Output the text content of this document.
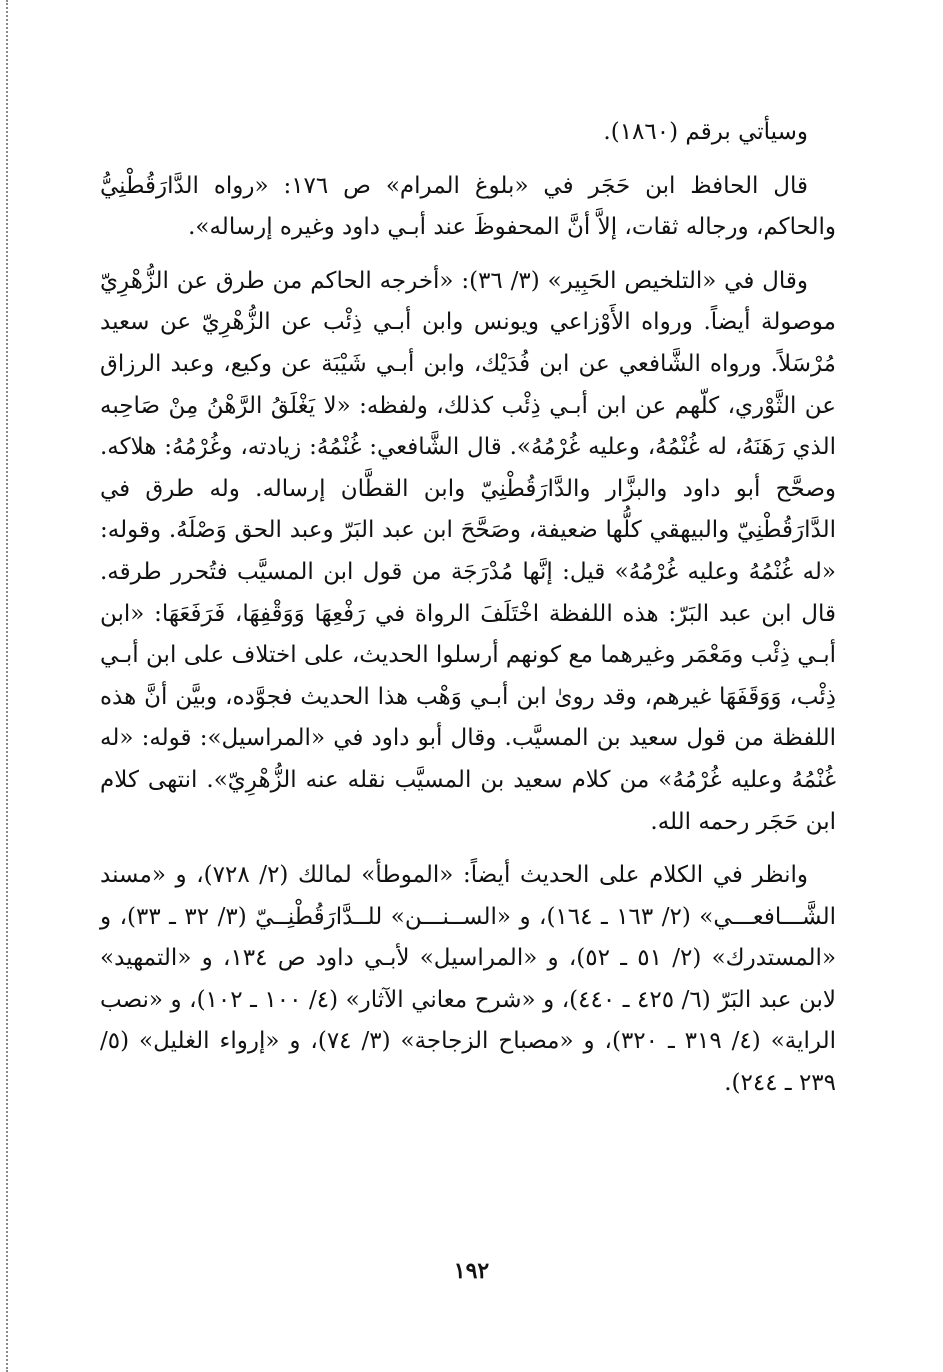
وسيأتي برقم (١٨٦٠).

قال الحافظ ابن حَجَر في «بلوغ المرام» ص ١٧٦: «رواه الدَّارَقُطْنِيُّ والحاكم، ورجاله ثقات، إلاَّ أنَّ المحفوظَ عند أبـي داود وغيره إرساله».

وقال في «التلخيص الحَبِير» (٣/ ٣٦): «أخرجه الحاكم من طرق عن الزُّهْرِيّ موصولة أيضاً. ورواه الأَوْزاعي ويونس وابن أبـي ذِئْب عن الزُّهْرِيّ عن سعيد مُرْسَلاً. ورواه الشَّافعي عن ابن فُدَيْك، وابن أبـي شَيْبَة عن وكيع، وعبد الرزاق عن الثَّوْري، كلّهم عن ابن أبـي ذِئْب كذلك، ولفظه: «لا يَغْلَقُ الرَّهْنُ مِنْ صَاحِبه الذي رَهَنَهُ، له غُنْمُهُ، وعليه غُرْمُهُ». قال الشَّافعي: غُنْمُهُ: زيادته، وغُرْمُهُ: هلاكه. وصحَّح أبو داود والبزَّار والدَّارَقُطْنِيّ وابن القطَّان إرساله. وله طرق في الدَّارَقُطْنِيّ والبيهقي كلُّها ضعيفة، وصَحَّحَ ابن عبد البَرّ وعبد الحق وَصْلَهُ. وقوله: «له غُنْمُهُ وعليه غُرْمُهُ» قيل: إنَّها مُدْرَجَة من قول ابن المسيَّب فتُحرر طرقه. قال ابن عبد البَرّ: هذه اللفظة اخْتَلَفَ الرواة في رَفْعِهَا وَوَقْفِهَا، فَرَفَعَهَا: «ابن أبـي ذِئْب ومَعْمَر وغيرهما مع كونهم أرسلوا الحديث، على اختلاف على ابن أبـي ذِئْب، وَوَقَفَهَا غيرهم، وقد روىٰ ابن أبـي وَهْب هذا الحديث فجوَّده، وبيَّن أنَّ هذه اللفظة من قول سعيد بن المسيَّب. وقال أبو داود في «المراسيل»: قوله: «له غُنْمُهُ وعليه غُرْمُهُ» من كلام سعيد بن المسيَّب نقله عنه الزُّهْرِيّ». انتهى كلام ابن حَجَر رحمه الله.

وانظر في الكلام على الحديث أيضاً: «الموطأ» لمالك (٢/ ٧٢٨)، و «مسند الشَّـــافعـــي» (٢/ ١٦٣ ـ ١٦٤)، و «الســنـــن» للــدَّارَقُطْنِــيّ (٣/ ٣٢ ـ ٣٣)، و «المستدرك» (٢/ ٥١ ـ ٥٢)، و «المراسيل» لأبـي داود ص ١٣٤، و «التمهيد» لابن عبد البَرّ (٦/ ٤٢٥ ـ ٤٤٠)، و «شرح معاني الآثار» (٤/ ١٠٠ ـ ١٠٢)، و «نصب الراية» (٤/ ٣١٩ ـ ٣٢٠)، و «مصباح الزجاجة» (٣/ ٧٤)، و «إرواء الغليل» (٥/ ٢٣٩ ـ ٢٤٤).

١٩٢
